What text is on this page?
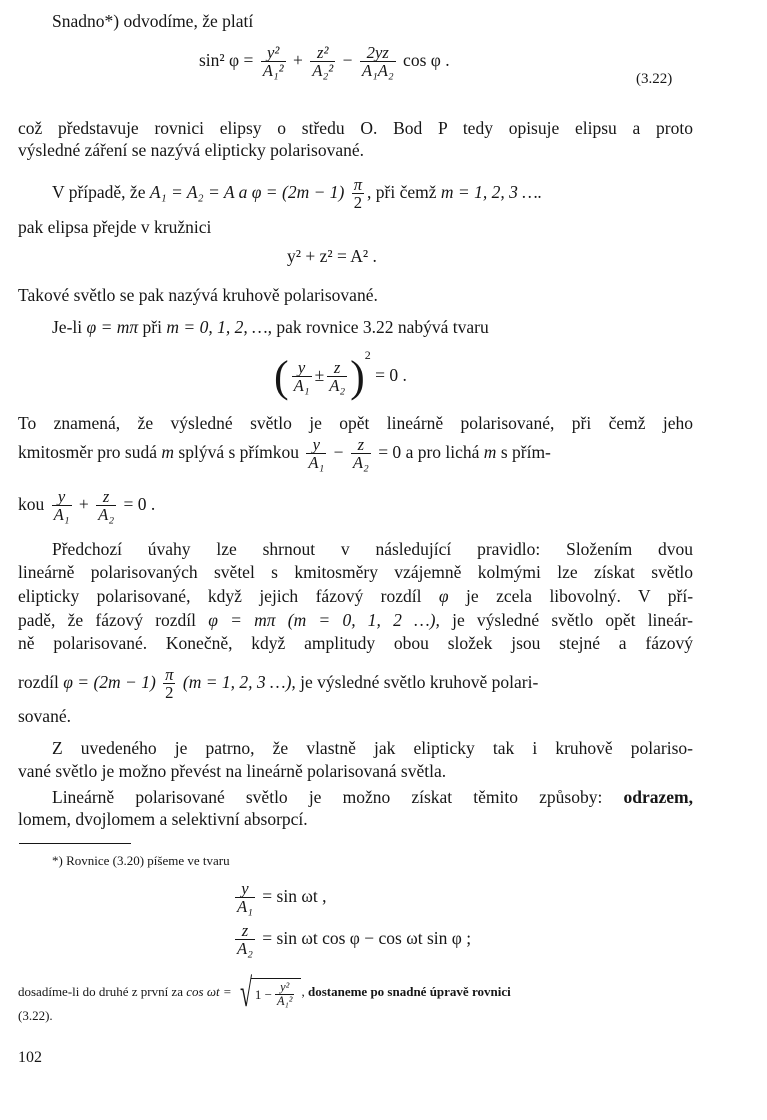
Snadno*) odvodíme, že platí
sin² $\varphi = \frac{\text{y²}}{\text{A₁²}} + \frac{\text{z²}}{\text{A₂²}} - \frac{2yz}{\text{A₁A₂}}$ cos φ .
(3.22)
což představuje rovnici elipsy o středu O. Bod P tedy opisuje elipsu a proto
výsledné záření se nazývá elipticky polarisované.
V případě, že A₁ = A₂ = A a $\varphi = (2m - 1) \frac{\pi}{2}$ , při čemž m = 1, 2, 3 ….
pak elipsa přejde v kružnici
y² + z² = A² .
Takové světlo se pak nazývá kruhově polarisované.
Je-li φ = mπ při m = 0, 1, 2, …, pak rovnice 3.22 nabývá tvaru
( $\frac{y}{\text{A₁}} \pm \frac{z}{\text{A₂}} )^2 = 0$ .
To znamená, že výsledné světlo je opět lineárně polarisované, při čemž jeho
kmitosměr pro sudá m splývá s přímkou $\frac{y}{\text{A₁}} - \frac{z}{\text{A₂}} = 0$ a pro lichá m s přím-
kou $\frac{y}{\text{A₁}} + \frac{z}{\text{A₂}} = 0$ .
Předchozí úvahy lze shrnout v následující pravidlo: Složením dvou
lineárně polarisovaných světel s kmitosměry vzájemně kolmými lze získat světlo
elipticky polarisované, když jejich fázový rozdíl φ je zcela libovolný. V pří-
padě, že fázový rozdíl φ = mπ (m = 0, 1, 2 …), je výsledné světlo opět lineár-
ně polarisované. Konečně, když amplitudy obou složek jsou stejné a fázový
rozdíl $\varphi = (2m - 1) \frac{\pi}{2} (m = 1$, 2, 3 …), je výsledné světlo kruhově polari-
sované.
Z uvedeného je patrno, že vlastně jak elipticky tak i kruhově polariso-
vané světlo je možno převést na lineárně polarisovaná světla.
Lineárně polarisované světlo je možno získat těmito způsoby: odrazem,
lomem, dvojlomem a selektivní absorpcí.
*) Rovnice (3.20) píšeme ve tvaru
$\frac{y}{\text{A₁}} = \sin \omega t$ ,
$\frac{z}{\text{A₂}} = \sin \omega t$ cos φ − cos ωt sin φ ;
dosadíme-li do druhé z první za cos ωt = √ $1 - \frac{\text{y²}}{\text{A₁²}}$ , dostaneme po snadné úpravě rovnici
(3.22).
102
